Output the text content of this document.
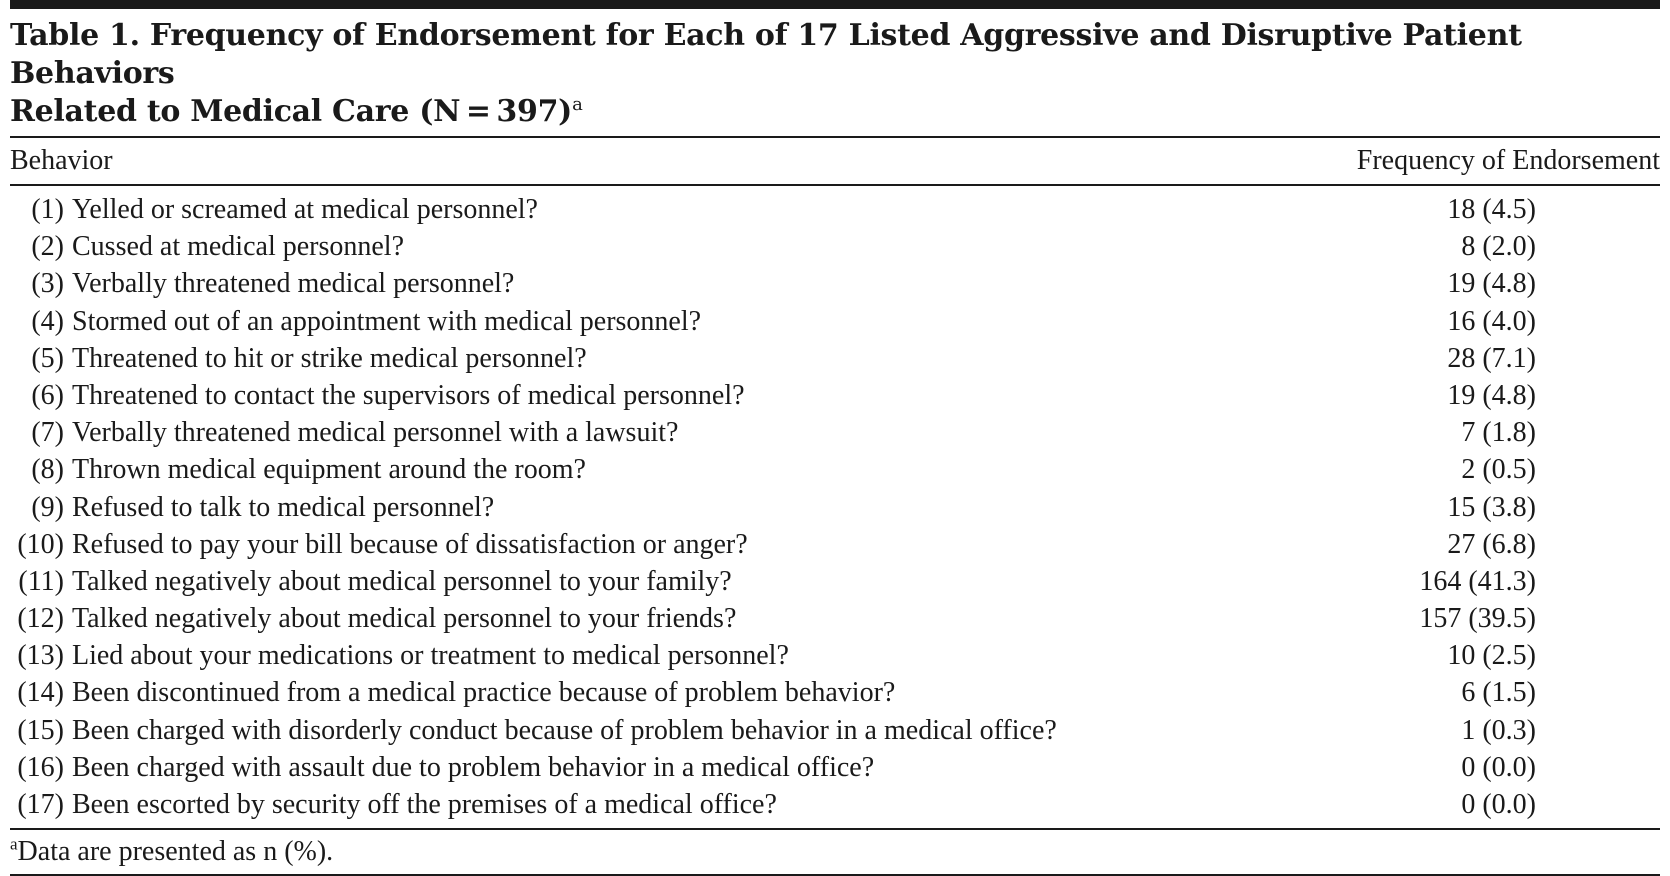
Table 1. Frequency of Endorsement for Each of 17 Listed Aggressive and Disruptive Patient Behaviors
Related to Medical Care (N = 397)$^a$
Behavior	Frequency of Endorsement
(1) Yelled or screamed at medical personnel?	18 (4.5)
(2) Cussed at medical personnel?	8 (2.0)
(3) Verbally threatened medical personnel?	19 (4.8)
(4) Stormed out of an appointment with medical personnel?	16 (4.0)
(5) Threatened to hit or strike medical personnel?	28 (7.1)
(6) Threatened to contact the supervisors of medical personnel?	19 (4.8)
(7) Verbally threatened medical personnel with a lawsuit?	7 (1.8)
(8) Thrown medical equipment around the room?	2 (0.5)
(9) Refused to talk to medical personnel?	15 (3.8)
(10) Refused to pay your bill because of dissatisfaction or anger?	27 (6.8)
(11) Talked negatively about medical personnel to your family?	164 (41.3)
(12) Talked negatively about medical personnel to your friends?	157 (39.5)
(13) Lied about your medications or treatment to medical personnel?	10 (2.5)
(14) Been discontinued from a medical practice because of problem behavior?	6 (1.5)
(15) Been charged with disorderly conduct because of problem behavior in a medical office?	1 (0.3)
(16) Been charged with assault due to problem behavior in a medical office?	0 (0.0)
(17) Been escorted by security off the premises of a medical office?	0 (0.0)
$^a$Data are presented as n (%).
